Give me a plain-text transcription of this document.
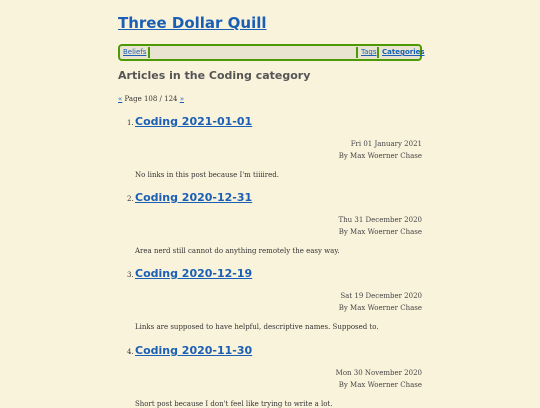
Three Dollar Quill
Beliefs	Tags Categories
Articles in the Coding category
« Page 108 / 124 »
1. Coding 2021-01-01
Fri 01 January 2021
By Max Woerner Chase
No links in this post because I'm tiiiired.
2. Coding 2020-12-31
Thu 31 December 2020
By Max Woerner Chase
Area nerd still cannot do anything remotely the easy way.
3. Coding 2020-12-19
Sat 19 December 2020
By Max Woerner Chase
Links are supposed to have helpful, descriptive names. Supposed to.
4. Coding 2020-11-30
Mon 30 November 2020
By Max Woerner Chase
Short post because I don't feel like trying to write a lot.
